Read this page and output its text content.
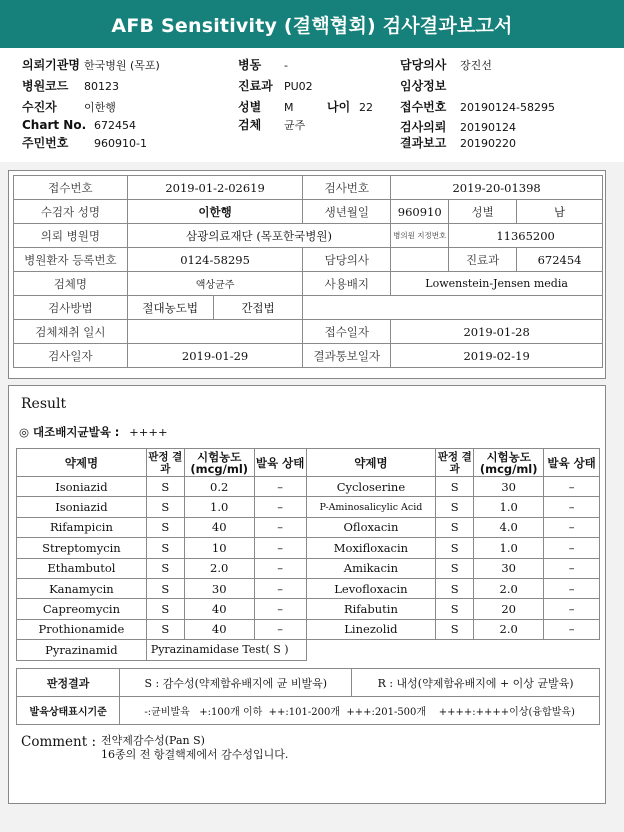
AFB Sensitivity (결핵협회) 검사결과보고서
의뢰기관명 한국병원 (목포)
병원코드 80123
수진자 이한행
Chart No. 672454
주민번호 960910-1
병동 -
진료과 PU02
성별 M	나이 22
검체 균주
담당의사 장진선
임상정보
접수번호 20190124-58295
검사의뢰 20190124
결과보고 20190220
접수번호	2019-01-2-02619		검사번호	2019-20-01398		
수검자 성명	이한행		생년월일	960910	성별	남
의뢰 병원명	삼광의료재단 (목포한국병원)			병의원 지정번호	11365200	
병원환자 등록번호	0124-58295		담당의사		진료과	672454
검체명	액상균주		사용배지	Lowenstein-Jensen media		
검사방법	절대농도법	간접법				
검체채취 일시			접수일자	2019-01-28		
검사일자	2019-01-29		결과통보일자	2019-02-19		
Result
◎ 대조배지균발육 : ++++
약제명	판정 결과	시험농도 (mcg/ml)	발육 상태	약제명	판정 결과	시험농도 (mcg/ml)	발육 상태
Isoniazid	S	0.2	–	Cycloserine	S	30	–
Isoniazid	S	1.0	–	P-Aminosalicylic Acid	S	1.0	–
Rifampicin	S	40	–	Ofloxacin	S	4.0	–
Streptomycin	S	10	–	Moxifloxacin	S	1.0	–
Ethambutol	S	2.0	–	Amikacin	S	30	–
Kanamycin	S	30	–	Levofloxacin	S	2.0	–
Capreomycin	S	40	–	Rifabutin	S	20	–
Prothionamide	S	40	–	Linezolid	S	2.0	–
Pyrazinamid	Pyrazinamidase Test( S )						
판정결과	S : 감수성(약제함유배지에 균 비발육)	R : 내성(약제함유배지에 + 이상 균발육)
발육상태표시기준	-:균비발육   +:100개 이하  ++:101-200개  +++:201-500개    ++++:++++이상(융합발육)	
Comment : 전약제감수성(Pan S)
16종의 전 항결핵제에서 감수성입니다.
